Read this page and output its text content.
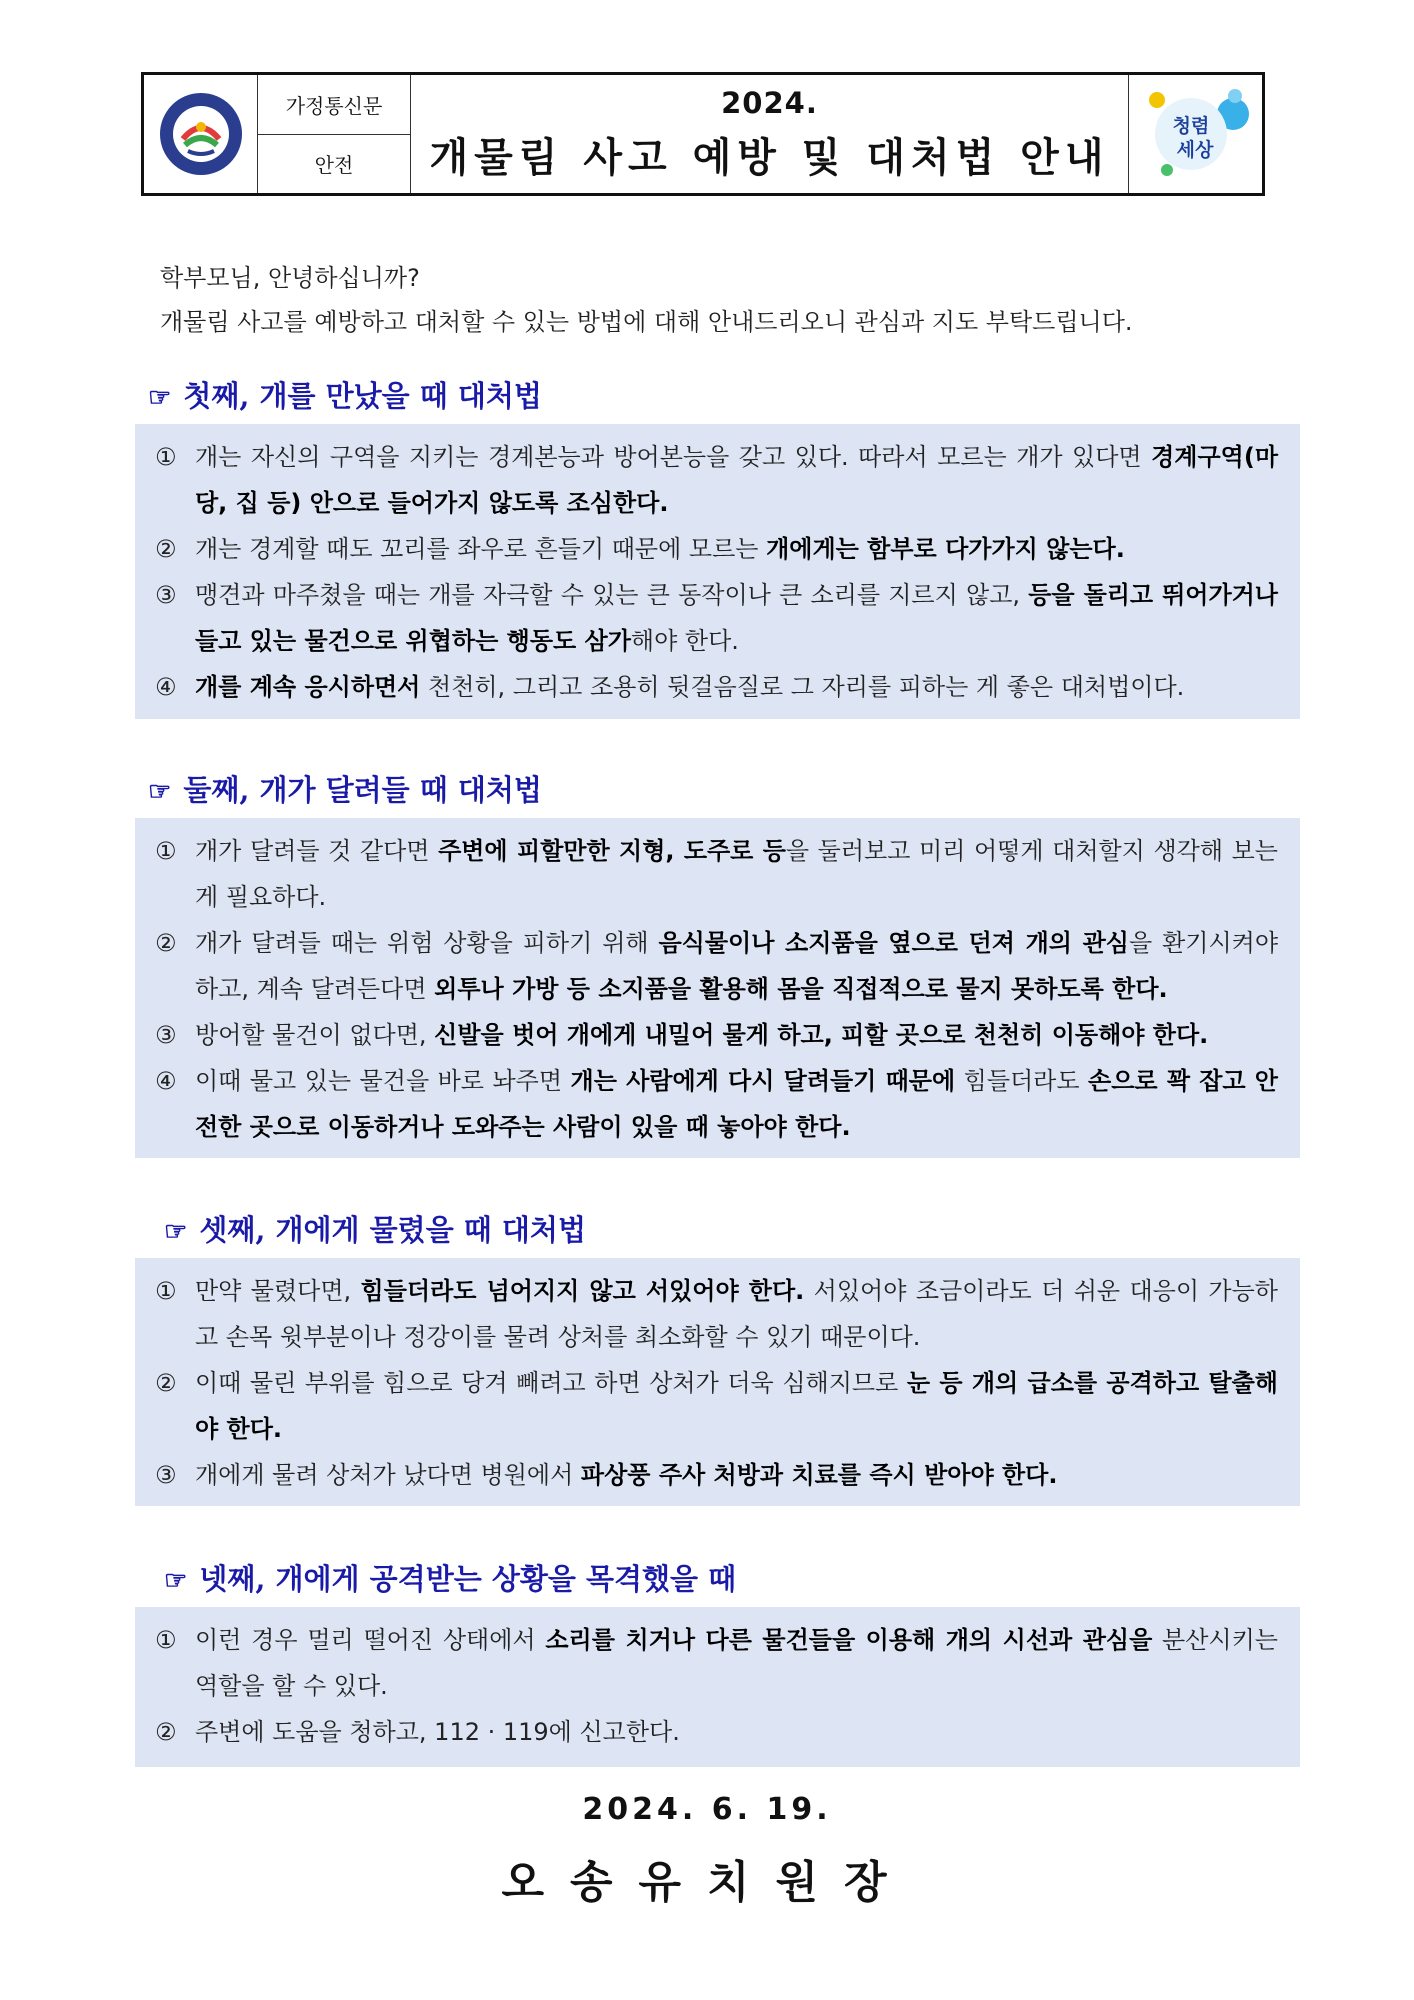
가정통신문
안전
2024.
개물림 사고 예방 및 대처법 안내
청렴
세상
학부모님, 안녕하십니까?
개물림 사고를 예방하고 대처할 수 있는 방법에 대해 안내드리오니 관심과 지도 부탁드립니다.
☞ 첫째, 개를 만났을 때 대처법
① 개는 자신의 구역을 지키는 경계본능과 방어본능을 갖고 있다. 따라서 모르는 개가 있다면 경계구역(마당, 집 등) 안으로 들어가지 않도록 조심한다.
② 개는 경계할 때도 꼬리를 좌우로 흔들기 때문에 모르는 개에게는 함부로 다가가지 않는다.
③ 맹견과 마주쳤을 때는 개를 자극할 수 있는 큰 동작이나 큰 소리를 지르지 않고, 등을 돌리고 뛰어가거나 들고 있는 물건으로 위협하는 행동도 삼가해야 한다.
④ 개를 계속 응시하면서 천천히, 그리고 조용히 뒷걸음질로 그 자리를 피하는 게 좋은 대처법이다.
☞ 둘째, 개가 달려들 때 대처법
① 개가 달려들 것 같다면 주변에 피할만한 지형, 도주로 등을 둘러보고 미리 어떻게 대처할지 생각해 보는 게 필요하다.
② 개가 달려들 때는 위험 상황을 피하기 위해 음식물이나 소지품을 옆으로 던져 개의 관심을 환기시켜야 하고, 계속 달려든다면 외투나 가방 등 소지품을 활용해 몸을 직접적으로 물지 못하도록 한다.
③ 방어할 물건이 없다면, 신발을 벗어 개에게 내밀어 물게 하고, 피할 곳으로 천천히 이동해야 한다.
④ 이때 물고 있는 물건을 바로 놔주면 개는 사람에게 다시 달려들기 때문에 힘들더라도 손으로 꽉 잡고 안전한 곳으로 이동하거나 도와주는 사람이 있을 때 놓아야 한다.
☞ 셋째, 개에게 물렸을 때 대처법
① 만약 물렸다면, 힘들더라도 넘어지지 않고 서있어야 한다. 서있어야 조금이라도 더 쉬운 대응이 가능하고 손목 윗부분이나 정강이를 물려 상처를 최소화할 수 있기 때문이다.
② 이때 물린 부위를 힘으로 당겨 빼려고 하면 상처가 더욱 심해지므로 눈 등 개의 급소를 공격하고 탈출해야 한다.
③ 개에게 물려 상처가 났다면 병원에서 파상풍 주사 처방과 치료를 즉시 받아야 한다.
☞ 넷째, 개에게 공격받는 상황을 목격했을 때
① 이런 경우 멀리 떨어진 상태에서 소리를 치거나 다른 물건들을 이용해 개의 시선과 관심을 분산시키는 역할을 할 수 있다.
② 주변에 도움을 청하고, 112 · 119에 신고한다.
2024. 6. 19.
오송유치원장
